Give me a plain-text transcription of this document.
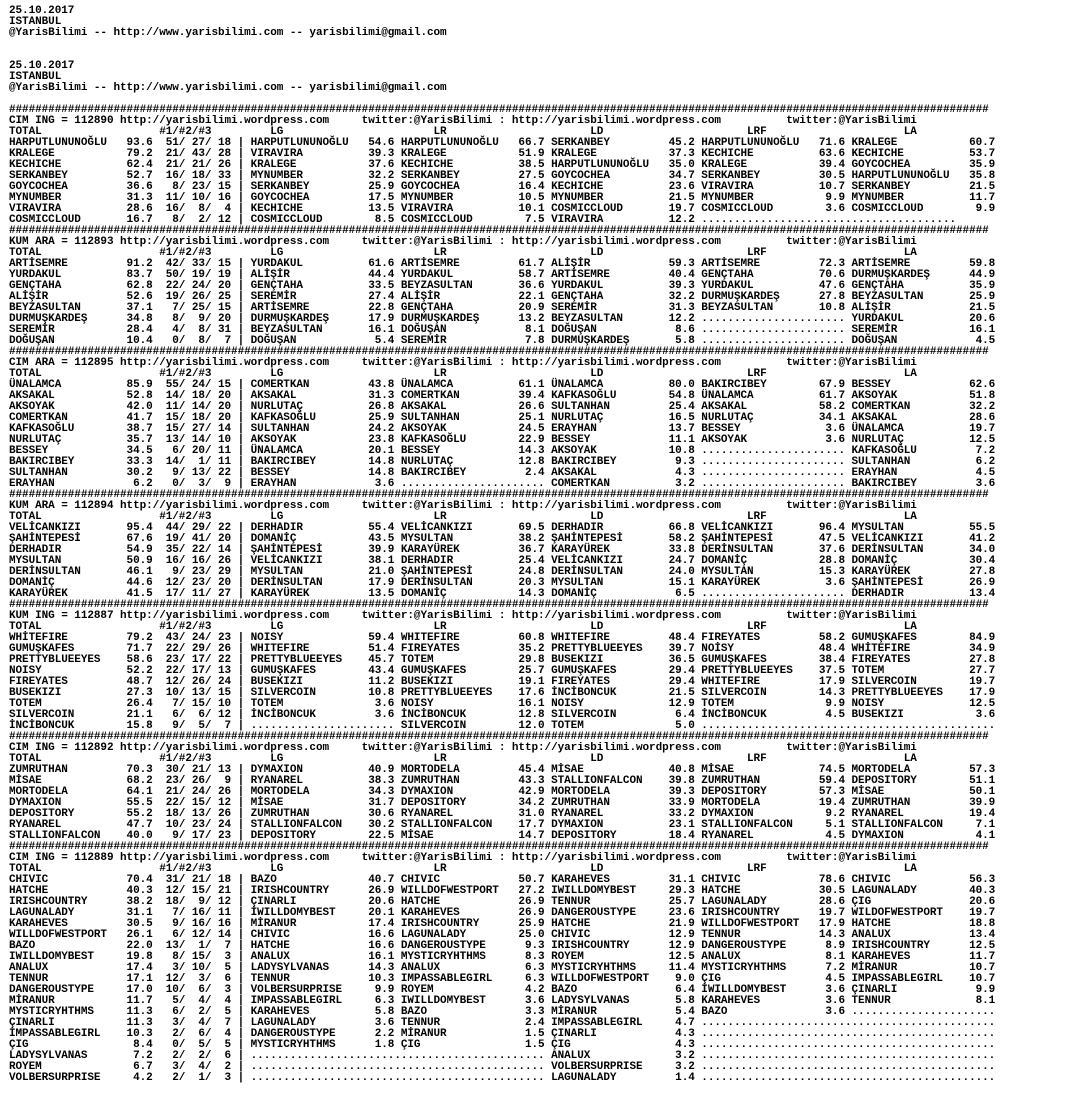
25.10.2017
ISTANBUL
@YarisBilimi -- http://www.yarisbilimi.com -- yarisbilimi@gmail.com

25.10.2017
ISTANBUL
@YarisBilimi -- http://www.yarisbilimi.com -- yarisbilimi@gmail.com

######################################################################################################################################################
CIM ING = 112890 http://yarisbilimi.wordpress.com     twitter:@YarisBilimi : http://yarisbilimi.wordpress.com          twitter:@YarisBilimi
TOTAL                  #1/#2/#3         LG                       LR                      LD                      LRF                     LA
HARPUTLUNUNOĞLU   93.6  51/ 27/ 18 | HARPUTLUNUNOĞLU   54.6 HARPUTLUNUNOĞLU   66.7 SERKANBEY         45.2 HARPUTLUNUNOĞLU   71.6 KRALEGE           60.7
KRALEGE           79.2  21/ 43/ 28 | VIRAVIRA          39.3 KRALEGE           51.9 KRALEGE           37.3 KECHICHE          63.6 KECHICHE          53.7
KECHICHE          62.4  21/ 21/ 26 | KRALEGE           37.6 KECHICHE          38.5 HARPUTLUNUNOĞLU   35.0 KRALEGE           39.4 GOYCOCHEA         35.9
SERKANBEY         52.7  16/ 18/ 33 | MYNUMBER          32.2 SERKANBEY         27.5 GOYCOCHEA         34.7 SERKANBEY         30.5 HARPUTLUNUNOĞLU   35.8
GOYCOCHEA         36.6   8/ 23/ 15 | SERKANBEY         25.9 GOYCOCHEA         16.4 KECHICHE          23.6 VIRAVIRA          10.7 SERKANBEY         21.5
MYNUMBER          31.3  11/ 10/ 16 | GOYCOCHEA         17.5 MYNUMBER          10.5 MYNUMBER          21.5 MYNUMBER           9.9 MYNUMBER          11.7
VIRAVIRA          28.6  16/  8/  4 | KECHICHE          13.5 VIRAVIRA          10.1 COSMICCLOUD       19.7 COSMICCLOUD        3.6 COSMICCLOUD        9.9
COSMICCLOUD       16.7   8/  2/ 12 | COSMICCLOUD        8.5 COSMICCLOUD        7.5 VIRAVIRA          12.2 .......................................
######################################################################################################################################################
KUM ARA = 112893 http://yarisbilimi.wordpress.com     twitter:@YarisBilimi : http://yarisbilimi.wordpress.com          twitter:@YarisBilimi
TOTAL                  #1/#2/#3         LG                       LR                      LD                      LRF                     LA
ARTİSEMRE         91.2  42/ 33/ 15 | YURDAKUL          61.6 ARTİSEMRE         61.7 ALİŞİR            59.3 ARTİSEMRE         72.3 ARTİSEMRE         59.8
YURDAKUL          83.7  50/ 19/ 19 | ALİŞİR            44.4 YURDAKUL          58.7 ARTİSEMRE         40.4 GENÇTAHA          70.6 DURMUŞKARDEŞ      44.9
GENÇTAHA          62.8  22/ 24/ 20 | GENÇTAHA          33.5 BEYZASULTAN       36.6 YURDAKUL          39.3 YURDAKUL          47.6 GENÇTAHA          35.9
ALİŞİR            52.6  19/ 26/ 25 | SEREMİR           27.4 ALİŞİR            22.1 GENÇTAHA          32.2 DURMUŞKARDEŞ      27.8 BEYZASULTAN       25.9
BEYZASULTAN       37.1   7/ 25/ 15 | ARTİSEMRE         22.8 GENÇTAHA          20.9 SEREMİR           31.3 BEYZASULTAN       10.8 ALİŞİR            21.5
DURMUŞKARDEŞ      34.8   8/  9/ 20 | DURMUŞKARDEŞ      17.9 DURMUŞKARDEŞ      13.2 BEYZASULTAN       12.2 ...................... YURDAKUL          20.6
SEREMİR           28.4   4/  8/ 31 | BEYZASULTAN       16.1 DOĞUŞAN            8.1 DOĞUŞAN            8.6 ...................... SEREMİR           16.1
DOĞUŞAN           10.4   0/  8/  7 | DOĞUŞAN            5.4 SEREMİR            7.8 DURMUŞKARDEŞ       5.8 ...................... DOĞUŞAN            4.5
######################################################################################################################################################
CIM ARA = 112895 http://yarisbilimi.wordpress.com     twitter:@YarisBilimi : http://yarisbilimi.wordpress.com          twitter:@YarisBilimi
TOTAL                  #1/#2/#3         LG                       LR                      LD                      LRF                     LA
ÜNALAMCA          85.9  55/ 24/ 15 | COMERTKAN         43.8 ÜNALAMCA          61.1 ÜNALAMCA          80.0 BAKIRCIBEY        67.9 BESSEY            62.6
AKSAKAL           52.8  14/ 18/ 20 | AKSAKAL           31.3 COMERTKAN         39.4 KAFKASOĞLU        54.8 ÜNALAMCA          61.7 AKSOYAK           51.8
AKSOYAK           42.0  11/ 14/ 20 | NURLUTAÇ          26.8 AKSAKAL           26.6 SULTANHAN         25.4 AKSAKAL           58.2 COMERTKAN         32.2
COMERTKAN         41.7  15/ 18/ 20 | KAFKASOĞLU        25.9 SULTANHAN         25.1 NURLUTAÇ          16.5 NURLUTAÇ          34.1 AKSAKAL           28.6
KAFKASOĞLU        38.7  15/ 27/ 14 | SULTANHAN         24.2 AKSOYAK           24.5 ERAYHAN           13.7 BESSEY             3.6 ÜNALAMCA          19.7
NURLUTAÇ          35.7  13/ 14/ 10 | AKSOYAK           23.8 KAFKASOĞLU        22.9 BESSEY            11.1 AKSOYAK            3.6 NURLUTAÇ          12.5
BESSEY            34.5   6/ 20/ 11 | ÜNALAMCA          20.1 BESSEY            14.3 AKSOYAK           10.8 ...................... KAFKASOĞLU         7.2
BAKIRCIBEY        33.3  14/  1/ 11 | BAKIRCIBEY        14.8 NURLUTAÇ          12.8 BAKIRCIBEY         9.3 ...................... SULTANHAN          6.2
SULTANHAN         30.2   9/ 13/ 22 | BESSEY            14.8 BAKIRCIBEY         2.4 AKSAKAL            4.3 ...................... ERAYHAN            4.5
ERAYHAN            6.2   0/  3/  9 | ERAYHAN            3.6 ...................... COMERTKAN          3.2 ...................... BAKIRCIBEY         3.6
######################################################################################################################################################
KUM ARA = 112894 http://yarisbilimi.wordpress.com     twitter:@YarisBilimi : http://yarisbilimi.wordpress.com          twitter:@YarisBilimi
TOTAL                  #1/#2/#3         LG                       LR                      LD                      LRF                     LA
VELİCANKIZI       95.4  44/ 29/ 22 | DERHADIR          55.4 VELİCANKIZI       69.5 DERHADIR          66.8 VELİCANKIZI       96.4 MYSULTAN          55.5
ŞAHİNTEPESİ       67.6  19/ 41/ 20 | DOMANİÇ           43.5 MYSULTAN          38.2 ŞAHİNTEPESİ       58.2 ŞAHİNTEPESİ       47.5 VELİCANKIZI       41.2
DERHADIR          54.9  35/ 22/ 14 | ŞAHİNTEPESİ       39.9 KARAYÜREK         36.7 KARAYÜREK         33.8 DERİNSULTAN       37.6 DERİNSULTAN       34.0
MYSULTAN          50.9  16/ 16/ 26 | VELİCANKIZI       38.1 DERHADIR          25.4 VELİCANKIZI       24.7 DOMANİÇ           28.8 DOMANİÇ           30.4
DERİNSULTAN       46.1   9/ 23/ 29 | MYSULTAN          21.0 ŞAHİNTEPESİ       24.8 DERİNSULTAN       24.0 MYSULTAN          15.3 KARAYÜREK         27.8
DOMANİÇ           44.6  12/ 23/ 20 | DERİNSULTAN       17.9 DERİNSULTAN       20.3 MYSULTAN          15.1 KARAYÜREK          3.6 ŞAHİNTEPESİ       26.9
KARAYÜREK         41.5  17/ 11/ 27 | KARAYÜREK         13.5 DOMANİÇ           14.3 DOMANİÇ            6.5 ...................... DERHADIR          13.4
######################################################################################################################################################
KUM ING = 112887 http://yarisbilimi.wordpress.com     twitter:@YarisBilimi : http://yarisbilimi.wordpress.com          twitter:@YarisBilimi
TOTAL                  #1/#2/#3         LG                       LR                      LD                      LRF                     LA
WHİTEFIRE         79.2  43/ 24/ 23 | NOISY             59.4 WHITEFIRE         60.8 WHITEFIRE         48.4 FIREYATES         58.2 GUMUŞKAFES        84.9
GUMUŞKAFES        71.7  22/ 29/ 26 | WHITEFIRE         51.4 FIREYATES         35.2 PRETTYBLUEEYES    39.7 NOİSY             48.4 WHİTEFIRE         34.9
PRETTYBLUEEYES    58.6  23/ 17/ 22 | PRETTYBLUEEYES    45.7 TOTEM             29.8 BUSEKIZI          36.5 GUMUŞKAFES        38.4 FIREYATES         27.8
NOISY             52.2  22/ 17/ 13 | GUMUŞKAFES        43.4 GUMUŞKAFES        25.7 GUMUŞKAFES        29.4 PRETTYBLUEEYES    37.5 TOTEM             27.7
FIREYATES         48.7  12/ 26/ 24 | BUSEKIZI          11.2 BUSEKIZI          19.1 FIREYATES         29.4 WHITEFIRE         17.9 SILVERCOIN        19.7
BUSEKIZI          27.3  10/ 13/ 15 | SILVERCOIN        10.8 PRETTYBLUEEYES    17.6 İNCİBONCUK        21.5 SILVERCOIN        14.3 PRETTYBLUEEYES    17.9
TOTEM             26.4   7/ 15/ 10 | TOTEM              3.6 NOISY             16.1 NOISY             12.9 TOTEM              9.9 NOISY             12.5
SILVERCOIN        21.1   6/  6/ 12 | İNCİBONCUK         3.6 İNCİBONCUK        12.8 SILVERCOIN         6.4 İNCİBONCUK         4.5 BUSEKIZI           3.6
İNCİBONCUK        15.8   9/  5/  7 | ...................... SILVERCOIN        12.0 TOTEM              5.0 .............................................
######################################################################################################################################################
CIM ING = 112892 http://yarisbilimi.wordpress.com     twitter:@YarisBilimi : http://yarisbilimi.wordpress.com          twitter:@YarisBilimi
TOTAL                  #1/#2/#3         LG                       LR                      LD                      LRF                     LA
ZUMRUTHAN         70.3  30/ 21/ 13 | DYMAXION          40.9 MORTODELA         45.4 MİSAE             40.8 MİSAE             74.5 MORTODELA         57.3
MİSAE             68.2  23/ 26/  9 | RYANAREL          38.3 ZUMRUTHAN         43.3 STALLIONFALCON    39.8 ZUMRUTHAN         59.4 DEPOSITORY        51.1
MORTODELA         64.1  21/ 24/ 26 | MORTODELA         34.3 DYMAXION          42.9 MORTODELA         39.3 DEPOSITORY        57.3 MİSAE             50.1
DYMAXION          55.5  22/ 15/ 12 | MİSAE             31.7 DEPOSITORY        34.2 ZUMRUTHAN         33.9 MORTODELA         19.4 ZUMRUTHAN         39.9
DEPOSITORY        55.2  18/ 13/ 26 | ZUMRUTHAN         30.6 RYANAREL          31.0 RYANAREL          33.2 DYMAXION           9.2 RYANAREL          19.4
RYANAREL          47.7  10/ 23/ 24 | STALLIONFALCON    30.2 STALLIONFALCON    17.7 DYMAXION          23.1 STALLIONFALCON     5.1 STALLIONFALCON     7.1
STALLIONFALCON    40.0   9/ 17/ 23 | DEPOSITORY        22.5 MİSAE             14.7 DEPOSITORY        18.4 RYANAREL           4.5 DYMAXION           4.1
######################################################################################################################################################
CIM ING = 112889 http://yarisbilimi.wordpress.com     twitter:@YarisBilimi : http://yarisbilimi.wordpress.com          twitter:@YarisBilimi
TOTAL                  #1/#2/#3         LG                       LR                      LD                      LRF                     LA
CHIVIC            70.4  31/ 21/ 18 | BAZO              40.7 CHIVIC            50.7 KARAHEVES         31.1 CHIVIC            78.6 CHIVIC            56.3
HATCHE            40.3  12/ 15/ 21 | IRISHCOUNTRY      26.9 WILLDOFWESTPORT   27.2 IWILLDOMYBEST     29.3 HATCHE            30.5 LAGUNALADY        40.3
IRISHCOUNTRY      38.2  18/  9/ 12 | ÇINARLI           20.6 HATCHE            26.9 TENNUR            25.7 LAGUNALADY        28.6 ÇIG               20.6
LAGUNALADY        31.1   7/ 16/ 11 | İWILLDOMYBEST     20.1 KARAHEVES         26.9 DANGEROUSTYPE     23.6 IRISHCOUNTRY      19.7 WILDOFWESTPORT    19.7
KARAHEVES         30.5   9/ 16/ 16 | MİRANUR           17.4 IRISHCOUNTRY      25.9 HATCHE            21.9 WILLDOFWESTPORT   17.9 HATCHE            18.8
WILLDOFWESTPORT   26.1   6/ 12/ 14 | CHIVIC            16.6 LAGUNALADY        25.0 CHIVIC            12.9 TENNUR            14.3 ANALUX            13.4
BAZO              22.0  13/  1/  7 | HATCHE            16.6 DANGEROUSTYPE      9.3 IRISHCOUNTRY      12.9 DANGEROUSTYPE      8.9 IRISHCOUNTRY      12.5
IWILLDOMYBEST     19.8   8/ 15/  3 | ANALUX            16.1 MYSTICRYHTHMS      8.3 ROYEM             12.5 ANALUX             8.1 KARAHEVES         11.7
ANALUX            17.4   3/ 10/  5 | LADYSYLVANAS      14.3 ANALUX             6.3 MYSTICRYHTHMS     11.4 MYSTICRYHTHMS      7.2 MİRANUR           10.7
TENNUR            17.1  12/  3/  6 | TENNUR            10.3 IMPASSABLEGIRL     6.3 WILLDOFWESTPORT    9.0 ÇIG                4.5 IMPASSABLEGIRL    10.7
DANGEROUSTYPE     17.0  10/  6/  3 | VOLBERSURPRISE     9.9 ROYEM              4.2 BAZO               6.4 İWILLDOMYBEST      3.6 ÇINARLI            9.9
MİRANUR           11.7   5/  4/  4 | IMPASSABLEGIRL     6.3 IWILLDOMYBEST      3.6 LADYSYLVANAS       5.8 KARAHEVES          3.6 TENNUR             8.1
MYSTICRYHTHMS     11.3   6/  2/  5 | KARAHEVES          5.8 BAZO               3.3 MİRANUR            5.4 BAZO               3.6 ......................
ÇINARLI           11.3   3/  4/  7 | LAGUNALADY         3.6 TENNUR             2.4 IMPASSABLEGIRL     4.7 .............................................
İMPASSABLEGIRL    10.3   2/  6/  4 | DANGEROUSTYPE      2.2 MİRANUR            1.5 ÇINARLI            4.3 .............................................
ÇIG                8.4   0/  5/  5 | MYSTICRYHTHMS      1.8 ÇIG                1.5 ÇIG                4.3 .............................................
LADYSYLVANAS       7.2   2/  2/  6 | ............................................. ANALUX             3.2 .............................................
ROYEM              6.7   3/  4/  2 | ............................................. VOLBERSURPRISE     3.2 .............................................
VOLBERSURPRISE     4.2   2/  1/  3 | ............................................. LAGUNALADY         1.4 .............................................
